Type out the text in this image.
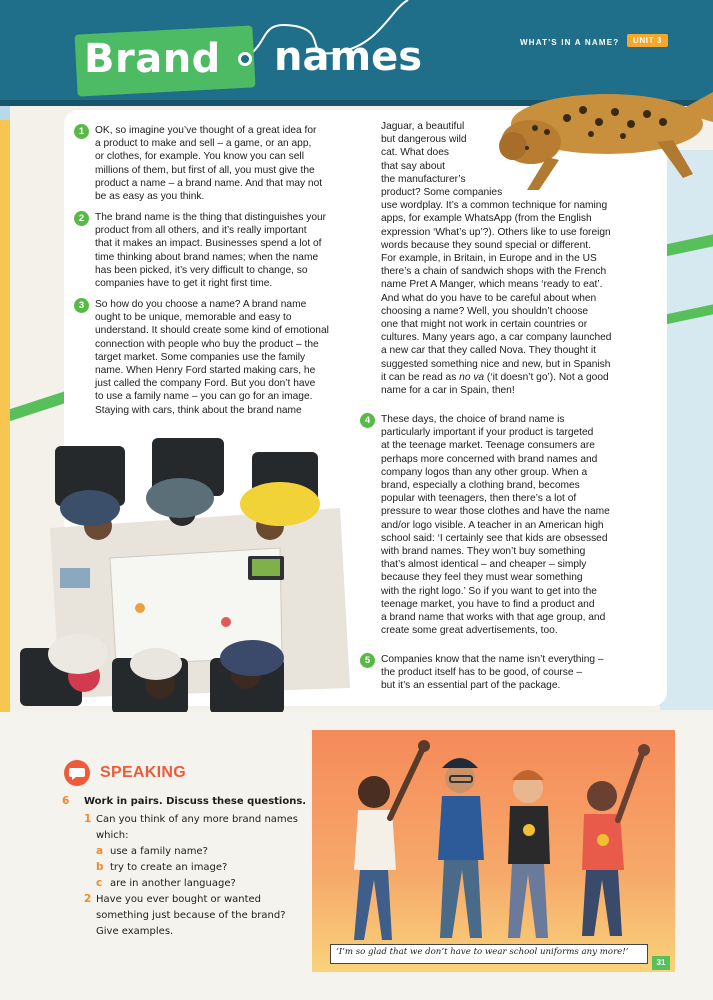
Brand names	WHAT'S IN A NAME?	UNIT 3
1
2
3
4
5
OK, so imagine you’ve thought of a great idea for
a product to make and sell – a game, or an app,
or clothes, for example. You know you can sell
millions of them, but first of all, you must give the
product a name – a brand name. And that may not
be as easy as you think.
The brand name is the thing that distinguishes your
product from all others, and it’s really important
that it makes an impact. Businesses spend a lot of
time thinking about brand names; when the name
has been picked, it’s very difficult to change, so
companies have to get it right first time.
So how do you choose a name? A brand name
ought to be unique, memorable and easy to
understand. It should create some kind of emotional
connection with people who buy the product – the
target market. Some companies use the family
name. When Henry Ford started making cars, he
just called the company Ford. But you don’t have
to use a family name – you can go for an image.
Staying with cars, think about the brand name
Jaguar, a beautiful
but dangerous wild
cat. What does
that say about
the manufacturer’s
product? Some companies
use wordplay. It’s a common technique for naming
apps, for example WhatsApp (from the English
expression ‘What’s up’?). Others like to use foreign
words because they sound special or different.
For example, in Britain, in Europe and in the US
there’s a chain of sandwich shops with the French
name Pret A Manger, which means ‘ready to eat’.
And what do you have to be careful about when
choosing a name? Well, you shouldn’t choose
one that might not work in certain countries or
cultures. Many years ago, a car company launched
a new car that they called Nova. They thought it
suggested something nice and new, but in Spanish
it can be read as no va (‘it doesn’t go’). Not a good
name for a car in Spain, then!
These days, the choice of brand name is
particularly important if your product is targeted
at the teenage market. Teenage consumers are
perhaps more concerned with brand names and
company logos than any other group. When a
brand, especially a clothing brand, becomes
popular with teenagers, then there’s a lot of
pressure to wear those clothes and have the name
and/or logo visible. A teacher in an American high
school said: ‘I certainly see that kids are obsessed
with brand names. They won’t buy something
that’s almost identical – and cheaper – simply
because they feel they must wear something
with the right logo.’ So if you want to get into the
teenage market, you have to find a product and
a brand name that works with that age group, and
create some great advertisements, too.
Companies know that the name isn’t everything –
the product itself has to be good, of course –
but it’s an essential part of the package.
SPEAKING
6 Work in pairs. Discuss these questions.
1 Can you think of any more brand names
which:
a use a family name?
b try to create an image?
c are in another language?
2 Have you ever bought or wanted
something just because of the brand?
Give examples.
‘I’m so glad that we don’t have to wear school uniforms any more!’
31
